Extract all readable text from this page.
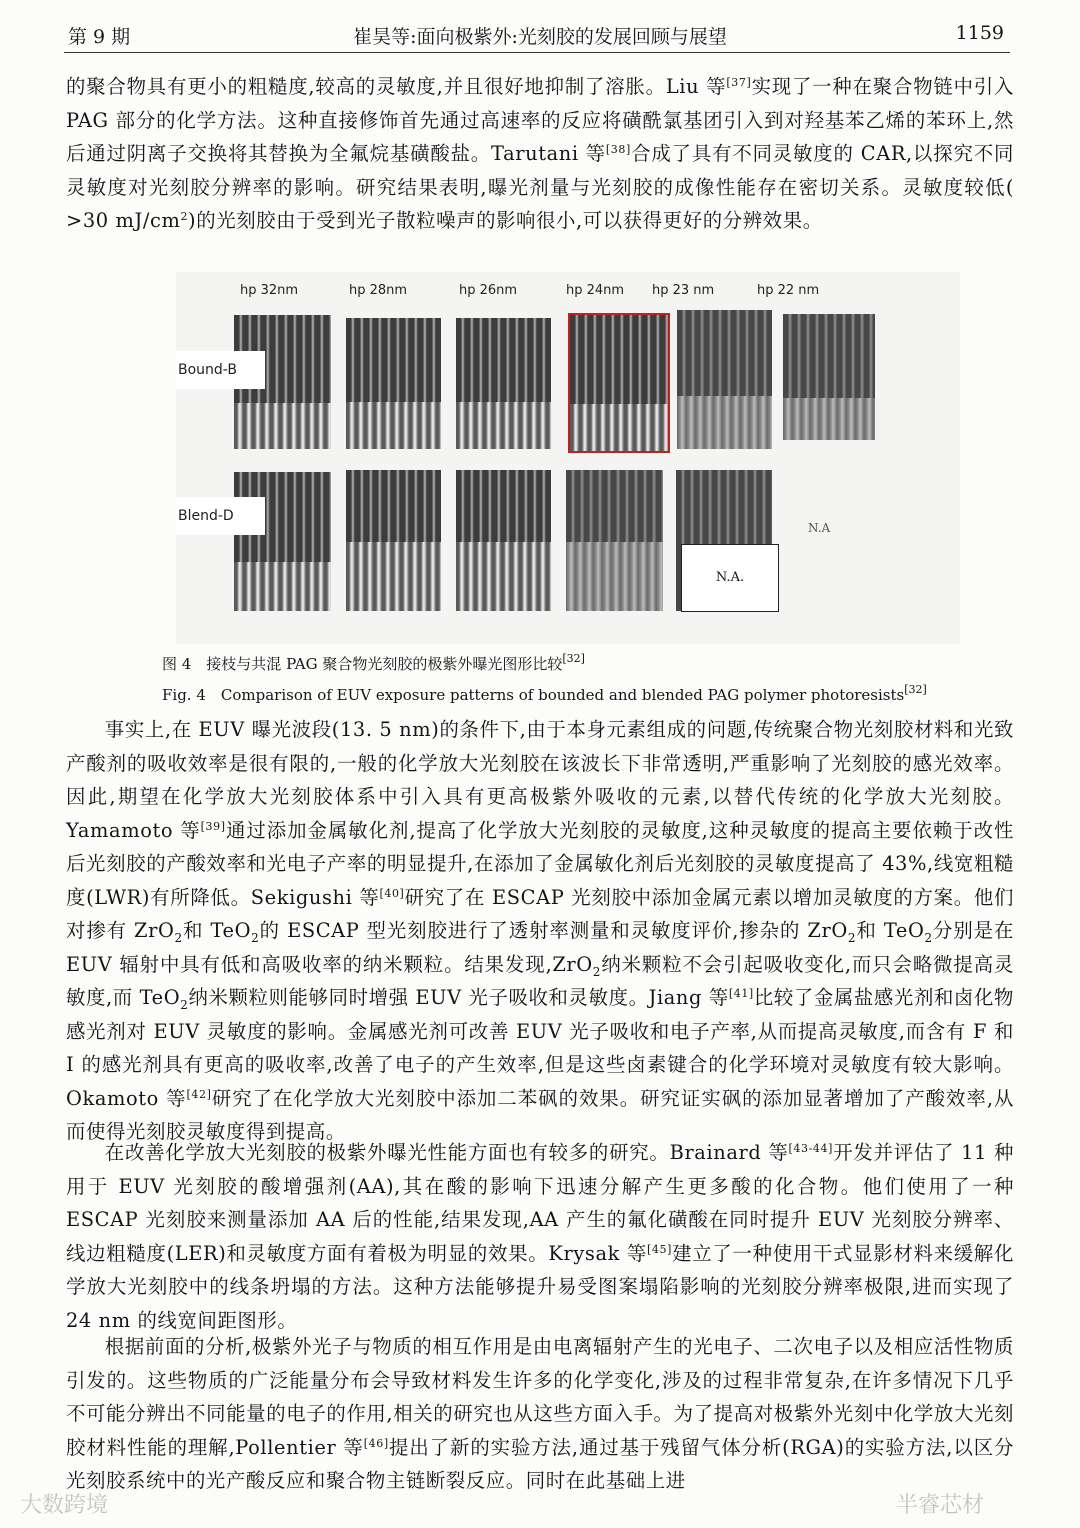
第 9 期	崔昊等:面向极紫外:光刻胶的发展回顾与展望	1159
的聚合物具有更小的粗糙度,较高的灵敏度,并且很好地抑制了溶胀。Liu 等[37]实现了一种在聚合物链中引入 PAG 部分的化学方法。这种直接修饰首先通过高速率的反应将磺酰氯基团引入到对羟基苯乙烯的苯环上,然后通过阴离子交换将其替换为全氟烷基磺酸盐。Tarutani 等[38]合成了具有不同灵敏度的 CAR,以探究不同灵敏度对光刻胶分辨率的影响。研究结果表明,曝光剂量与光刻胶的成像性能存在密切关系。灵敏度较低( >30 $mJ/cm^2$)的光刻胶由于受到光子散粒噪声的影响很小,可以获得更好的分辨效果。
hp 32nm	hp 28nm	hp 26nm	hp 24nm hp 23 nm	hp 22 nm
Bound-B
N.A.
N.A
Blend-D
图 4　接枝与共混 PAG 聚合物光刻胶的极紫外曝光图形比较[32]
Fig. 4　Comparison of EUV exposure patterns of bounded and blended PAG polymer photoresists[32]
事实上,在 EUV 曝光波段(13. 5 nm)的条件下,由于本身元素组成的问题,传统聚合物光刻胶材料和光致产酸剂的吸收效率是很有限的,一般的化学放大光刻胶在该波长下非常透明,严重影响了光刻胶的感光效率。因此,期望在化学放大光刻胶体系中引入具有更高极紫外吸收的元素,以替代传统的化学放大光刻胶。Yamamoto 等[39]通过添加金属敏化剂,提高了化学放大光刻胶的灵敏度,这种灵敏度的提高主要依赖于改性后光刻胶的产酸效率和光电子产率的明显提升,在添加了金属敏化剂后光刻胶的灵敏度提高了 43%,线宽粗糙度(LWR)有所降低。Sekigushi 等[40]研究了在 ESCAP 光刻胶中添加金属元素以增加灵敏度的方案。他们对掺有 ZrO$_2$和 TeO$_2$的 ESCAP 型光刻胶进行了透射率测量和灵敏度评价,掺杂的 ZrO$_2$和 TeO$_2$分别是在 EUV 辐射中具有低和高吸收率的纳米颗粒。结果发现,ZrO$_2$纳米颗粒不会引起吸收变化,而只会略微提高灵敏度,而 TeO$_2$纳米颗粒则能够同时增强 EUV 光子吸收和灵敏度。Jiang 等[41]比较了金属盐感光剂和卤化物感光剂对 EUV 灵敏度的影响。金属感光剂可改善 EUV 光子吸收和电子产率,从而提高灵敏度,而含有 F 和 I 的感光剂具有更高的吸收率,改善了电子的产生效率,但是这些卤素键合的化学环境对灵敏度有较大影响。Okamoto 等[42]研究了在化学放大光刻胶中添加二苯砜的效果。研究证实砜的添加显著增加了产酸效率,从而使得光刻胶灵敏度得到提高。
在改善化学放大光刻胶的极紫外曝光性能方面也有较多的研究。Brainard 等[43-44]开发并评估了 11 种用于 EUV 光刻胶的酸增强剂(AA),其在酸的影响下迅速分解产生更多酸的化合物。他们使用了一种 ESCAP 光刻胶来测量添加 AA 后的性能,结果发现,AA 产生的氟化磺酸在同时提升 EUV 光刻胶分辨率、线边粗糙度(LER)和灵敏度方面有着极为明显的效果。Krysak 等[45]建立了一种使用干式显影材料来缓解化学放大光刻胶中的线条坍塌的方法。这种方法能够提升易受图案塌陷影响的光刻胶分辨率极限,进而实现了 24 nm 的线宽间距图形。
根据前面的分析,极紫外光子与物质的相互作用是由电离辐射产生的光电子、二次电子以及相应活性物质引发的。这些物质的广泛能量分布会导致材料发生许多的化学变化,涉及的过程非常复杂,在许多情况下几乎不可能分辨出不同能量的电子的作用,相关的研究也从这些方面入手。为了提高对极紫外光刻中化学放大光刻胶材料性能的理解,Pollentier 等[46]提出了新的实验方法,通过基于残留气体分析(RGA)的实验方法,以区分光刻胶系统中的光产酸反应和聚合物主链断裂反应。同时在此基础上进
大数跨境	半睿芯材
